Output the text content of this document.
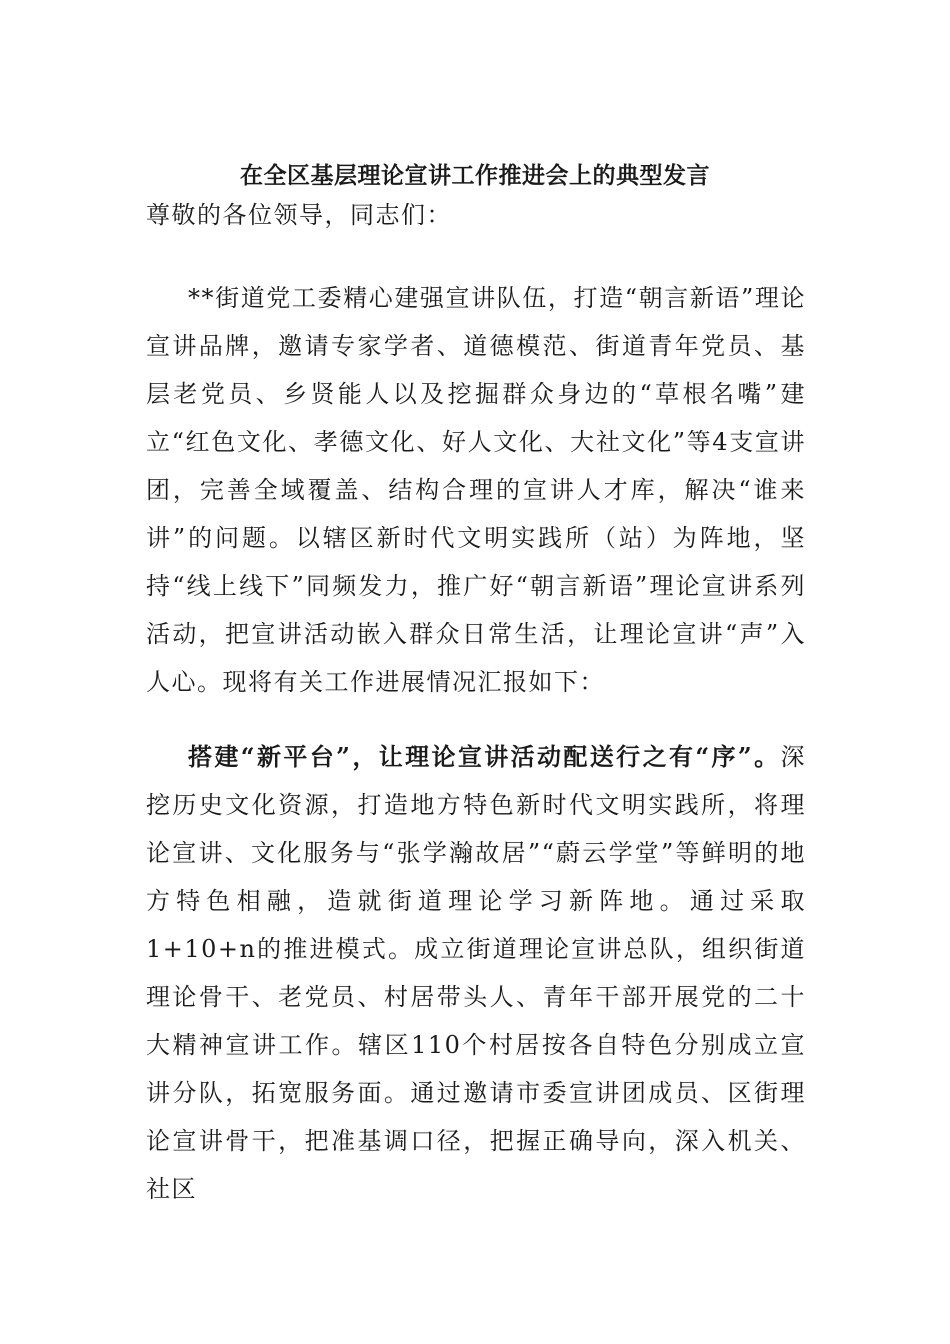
在全区基层理论宣讲工作推进会上的典型发言

尊敬的各位领导，同志们：

**街道党工委精心建强宣讲队伍，打造“朝言新语”理论宣讲品牌，邀请专家学者、道德模范、街道青年党员、基层老党员、乡贤能人以及挖掘群众身边的“草根名嘴”建立“红色文化、孝德文化、好人文化、大社文化”等4支宣讲团，完善全域覆盖、结构合理的宣讲人才库，解决“谁来讲”的问题。以辖区新时代文明实践所（站）为阵地，坚持“线上线下”同频发力，推广好“朝言新语”理论宣讲系列活动，把宣讲活动嵌入群众日常生活，让理论宣讲“声”入人心。现将有关工作进展情况汇报如下：

搭建“新平台”，让理论宣讲活动配送行之有“序”。深挖历史文化资源，打造地方特色新时代文明实践所，将理论宣讲、文化服务与“张学瀚故居”“蔚云学堂”等鲜明的地方特色相融，造就街道理论学习新阵地。通过采取1+10+n的推进模式。成立街道理论宣讲总队，组织街道理论骨干、老党员、村居带头人、青年干部开展党的二十大精神宣讲工作。辖区110个村居按各自特色分别成立宣讲分队，拓宽服务面。通过邀请市委宣讲团成员、区街理论宣讲骨干，把准基调口径，把握正确导向，深入机关、社区
